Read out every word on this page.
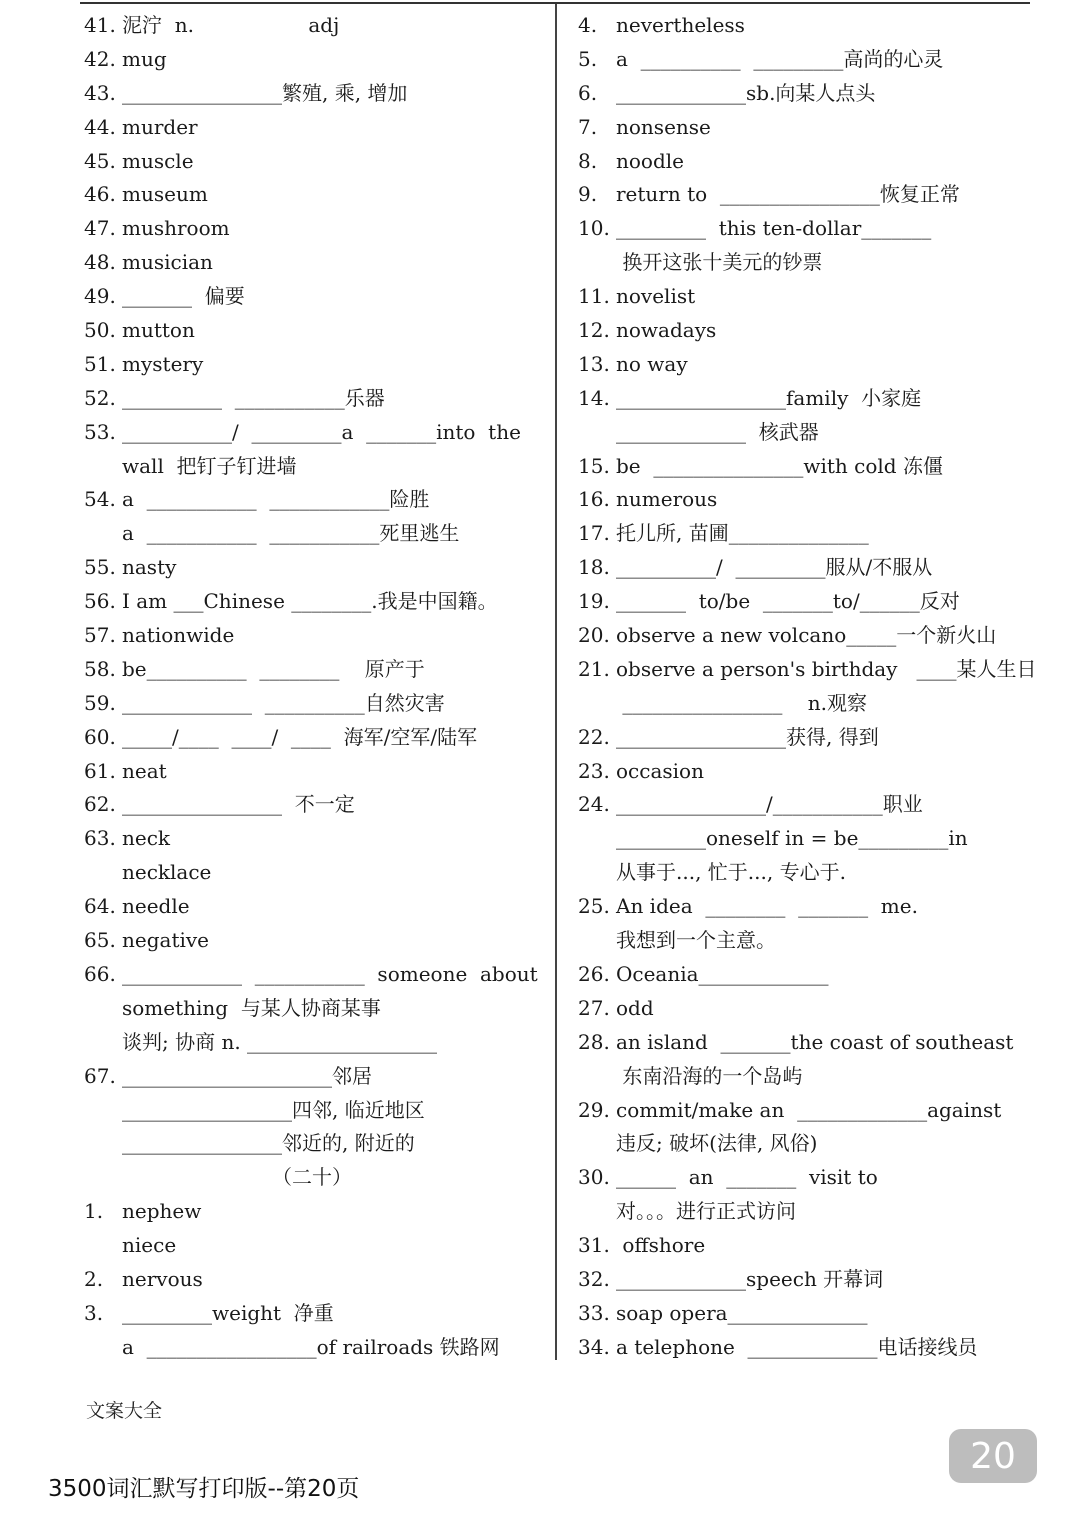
41. 泥泞  n.                  adj
42. mug
43. ________________繁殖, 乘, 增加
44. murder
45. muscle
46. museum
47. mushroom
48. musician
49. _______  偏要
50. mutton
51. mystery
52. __________  ___________乐器
53. ___________/  _________a  _______into  the
wall  把钉子钉进墙
54. a  ___________  ____________险胜
a  ___________  ___________死里逃生
55. nasty
56. I am ___Chinese ________.我是中国籍。
57. nationwide
58. be__________  ________    原产于
59. _____________  __________自然灾害
60. _____/____  ____/  ____  海军/空军/陆军
61. neat
62. ________________  不一定
63. neck
necklace
64. needle
65. negative
66. ____________  ___________  someone  about
something  与某人协商某事
谈判; 协商 n. ___________________
67. _____________________邻居
_________________四邻, 临近地区
________________邻近的, 附近的
（二十）
1. nephew
niece
2. nervous
3. _________weight  净重
a  _________________of railroads 铁路网
4. nevertheless
5. a  __________  _________高尚的心灵
6. _____________sb.向某人点头
7. nonsense
8. noodle
9. return to  ________________恢复正常
10. _________  this ten-dollar_______
换开这张十美元的钞票
11. novelist
12. nowadays
13. no way
14. _________________family  小家庭
_____________  核武器
15. be  _______________with cold 冻僵
16. numerous
17. 托儿所, 苗圃______________
18. __________/  _________服从/不服从
19. _______  to/be  _______to/______反对
20. observe a new volcano_____一个新火山
21. observe a person's birthday   ____某人生日
________________    n.观察
22. _________________获得, 得到
23. occasion
24. _______________/___________职业
_________oneself in = be_________in
从事于..., 忙于..., 专心于.
25. An idea  ________  _______  me.
我想到一个主意。
26. Oceania_____________
27. odd
28. an island  _______the coast of southeast
东南沿海的一个岛屿
29. commit/make an  _____________against
违反; 破坏(法律, 风俗)
30. ______  an  _______  visit to
对。。。进行正式访问
31. offshore
32. _____________speech 开幕词
33. soap opera______________
34. a telephone  _____________电话接线员
文案大全
3500词汇默写打印版--第20页
20
